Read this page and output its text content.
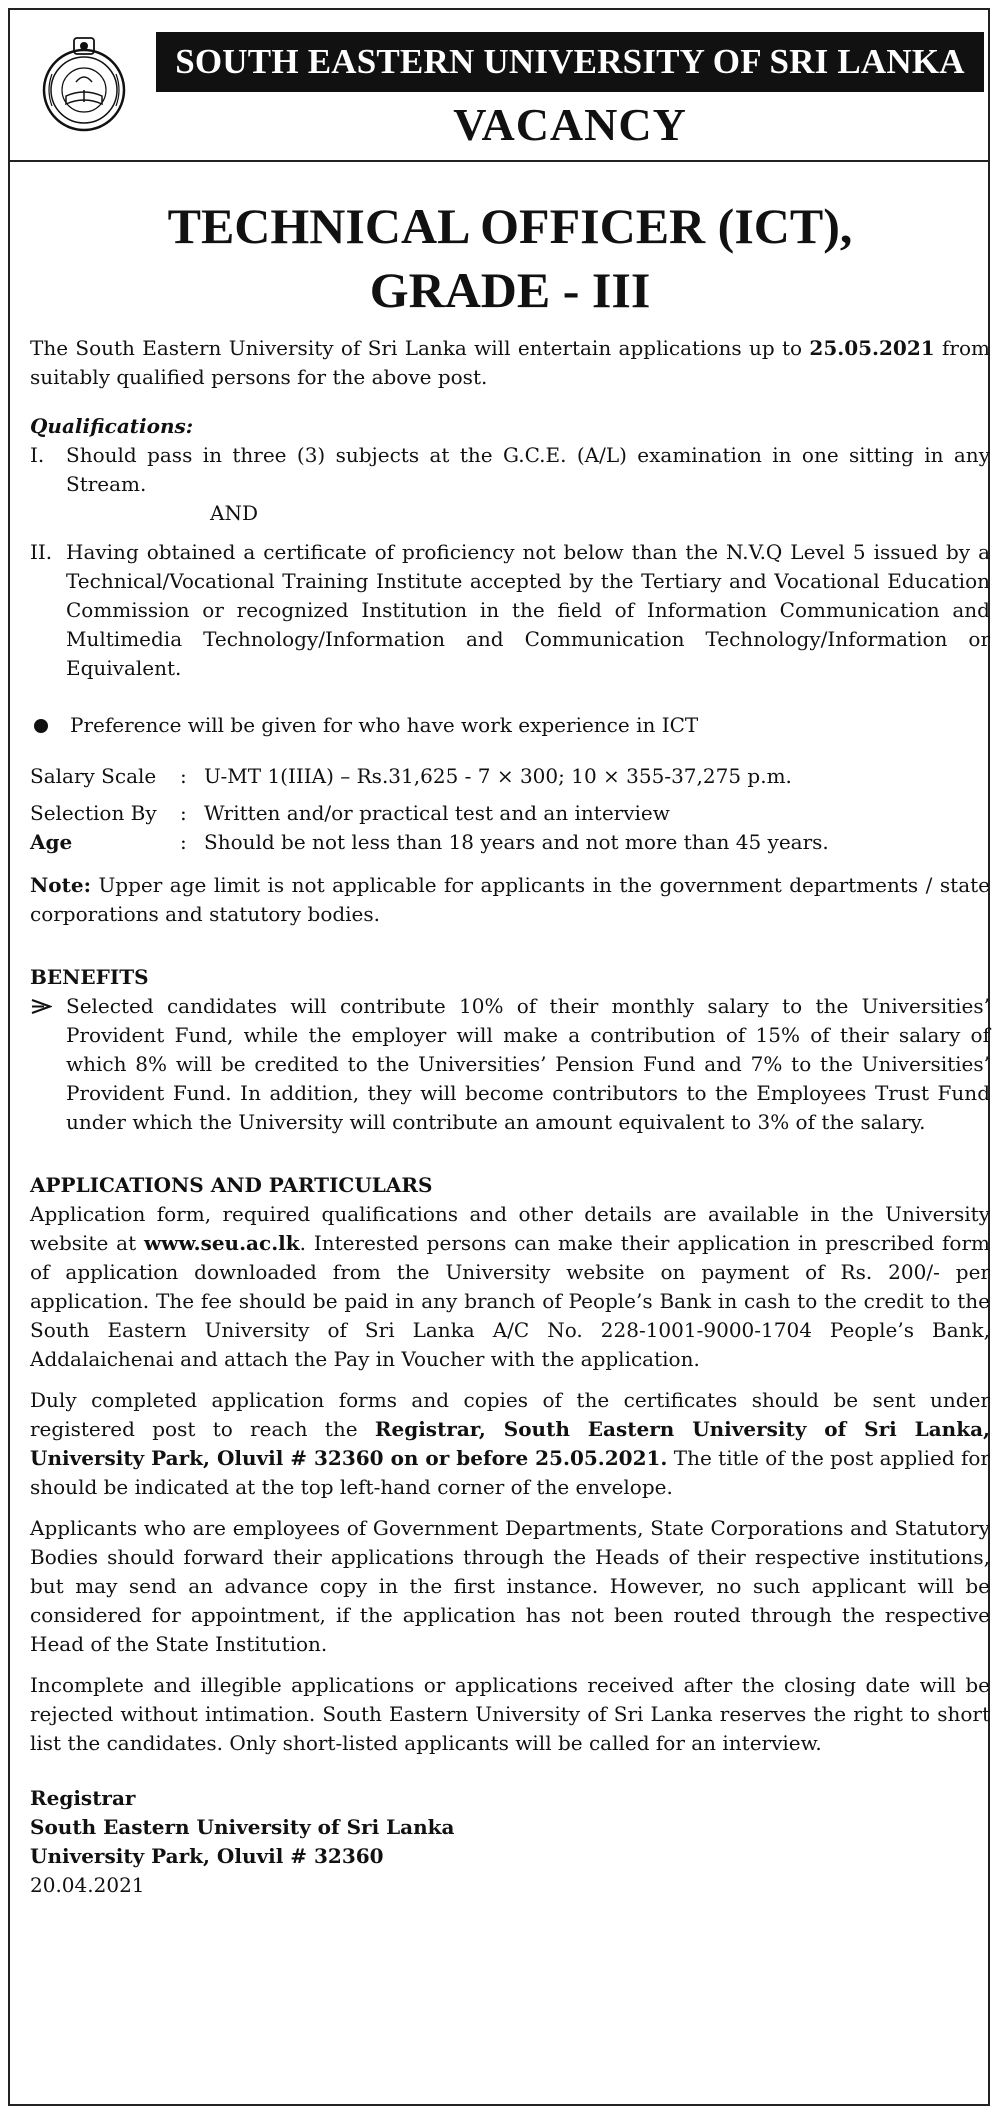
SOUTH EASTERN UNIVERSITY OF SRI LANKA
VACANCY
TECHNICAL OFFICER (ICT),
GRADE - III

The South Eastern University of Sri Lanka will entertain applications up to 25.05.2021 from suitably qualified persons for the above post.

Qualifications:
I.	Should pass in three (3) subjects at the G.C.E. (A/L) examination in one sitting in any Stream.
AND
II. Having obtained a certificate of proficiency not below than the N.V.Q Level 5 issued by a Technical/Vocational Training Institute accepted by the Tertiary and Vocational Education Commission or recognized Institution in the field of Information Communication and Multimedia Technology/Information and Communication Technology/Information or Equivalent.
Preference will be given for who have work experience in ICT
Salary Scale	: U-MT 1(IIIA) – Rs.31,625 - 7 × 300; 10 × 355-37,275 p.m.
Selection By	: Written and/or practical test and an interview
Age	: Should be not less than 18 years and not more than 45 years.

Note: Upper age limit is not applicable for applicants in the government departments / state corporations and statutory bodies.

BENEFITS
Selected candidates will contribute 10% of their monthly salary to the Universities’ Provident Fund, while the employer will make a contribution of 15% of their salary of which 8% will be credited to the Universities’ Pension Fund and 7% to the Universities’ Provident Fund. In addition, they will become contributors to the Employees Trust Fund under which the University will contribute an amount equivalent to 3% of the salary.
APPLICATIONS AND PARTICULARS

Application form, required qualifications and other details are available in the University website at www.seu.ac.lk. Interested persons can make their application in prescribed form of application downloaded from the University website on payment of Rs. 200/- per application. The fee should be paid in any branch of People’s Bank in cash to the credit to the South Eastern University of Sri Lanka A/C No. 228-1001-9000-1704 People’s Bank, Addalaichenai and attach the Pay in Voucher with the application.

Duly completed application forms and copies of the certificates should be sent under registered post to reach the Registrar, South Eastern University of Sri Lanka, University Park, Oluvil # 32360 on or before 25.05.2021. The title of the post applied for should be indicated at the top left-hand corner of the envelope.

Applicants who are employees of Government Departments, State Corporations and Statutory Bodies should forward their applications through the Heads of their respective institutions, but may send an advance copy in the first instance. However, no such applicant will be considered for appointment, if the application has not been routed through the respective Head of the State Institution.

Incomplete and illegible applications or applications received after the closing date will be rejected without intimation. South Eastern University of Sri Lanka reserves the right to short list the candidates. Only short-listed applicants will be called for an interview.

Registrar
South Eastern University of Sri Lanka
University Park, Oluvil # 32360

20.04.2021
